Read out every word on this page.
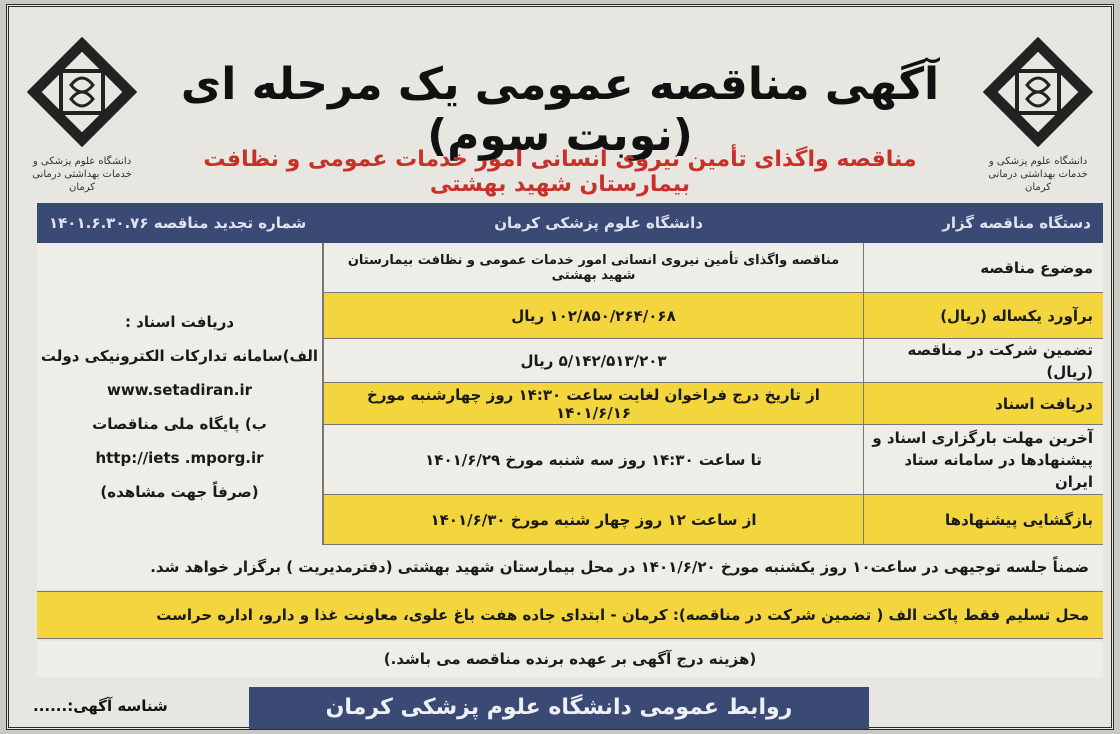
دانشگاه علوم پزشکی و خدمات بهداشتی درمانی کرمان
دانشگاه علوم پزشکی و خدمات بهداشتی درمانی کرمان
آگهی مناقصه عمومی یک مرحله ای (نوبت سوم)
مناقصه واگذای تأمین نیروی انسانی امور خدمات عمومی و نظافت بیمارستان شهید بهشتی
دستگاه مناقصه گزار
دانشگاه علوم پزشکی کرمان
شماره تجدید مناقصه ۱۴۰۱.۶.۳۰.۷۶
موضوع مناقصه
مناقصه واگذای تأمین نیروی انسانی امور خدمات عمومی و نظافت بیمارستان شهید بهشتی
برآورد یکساله (ریال)
۱۰۲/۸۵۰/۲۶۴/۰۶۸ ریال
تضمین شرکت در مناقصه (ریال)
۵/۱۴۲/۵۱۳/۲۰۳ ریال
دریافت اسناد
از تاریخ درج فراخوان لغایت ساعت ۱۴:۳۰ روز چهارشنبه مورخ ۱۴۰۱/۶/۱۶
آخرین مهلت بارگزاری اسناد و پیشنهادها در سامانه ستاد ایران
تا ساعت ۱۴:۳۰ روز سه شنبه مورخ ۱۴۰۱/۶/۲۹
بازگشایی پیشنهادها
از ساعت ۱۲ روز چهار شنبه مورخ ۱۴۰۱/۶/۳۰
دریافت اسناد :
الف)سامانه تدارکات الکترونیکی دولت
www.setadiran.ir
ب) پایگاه ملی مناقصات
http://iets .mporg.ir
(صرفاً جهت مشاهده)
ضمناً جلسه توجیهی در ساعت۱۰ روز یکشنبه مورخ ۱۴۰۱/۶/۲۰ در محل بیمارستان شهید بهشتی (دفترمدیریت ) برگزار خواهد شد.
محل تسلیم فقط پاکت الف ( تضمین شرکت در مناقصه): کرمان - ابتدای جاده هفت باغ علوی، معاونت غذا و دارو، اداره حراست
(هزینه درج آگهی بر عهده برنده مناقصه می باشد.)
روابط عمومی دانشگاه علوم پزشکی کرمان
شناسه آگهی:......
